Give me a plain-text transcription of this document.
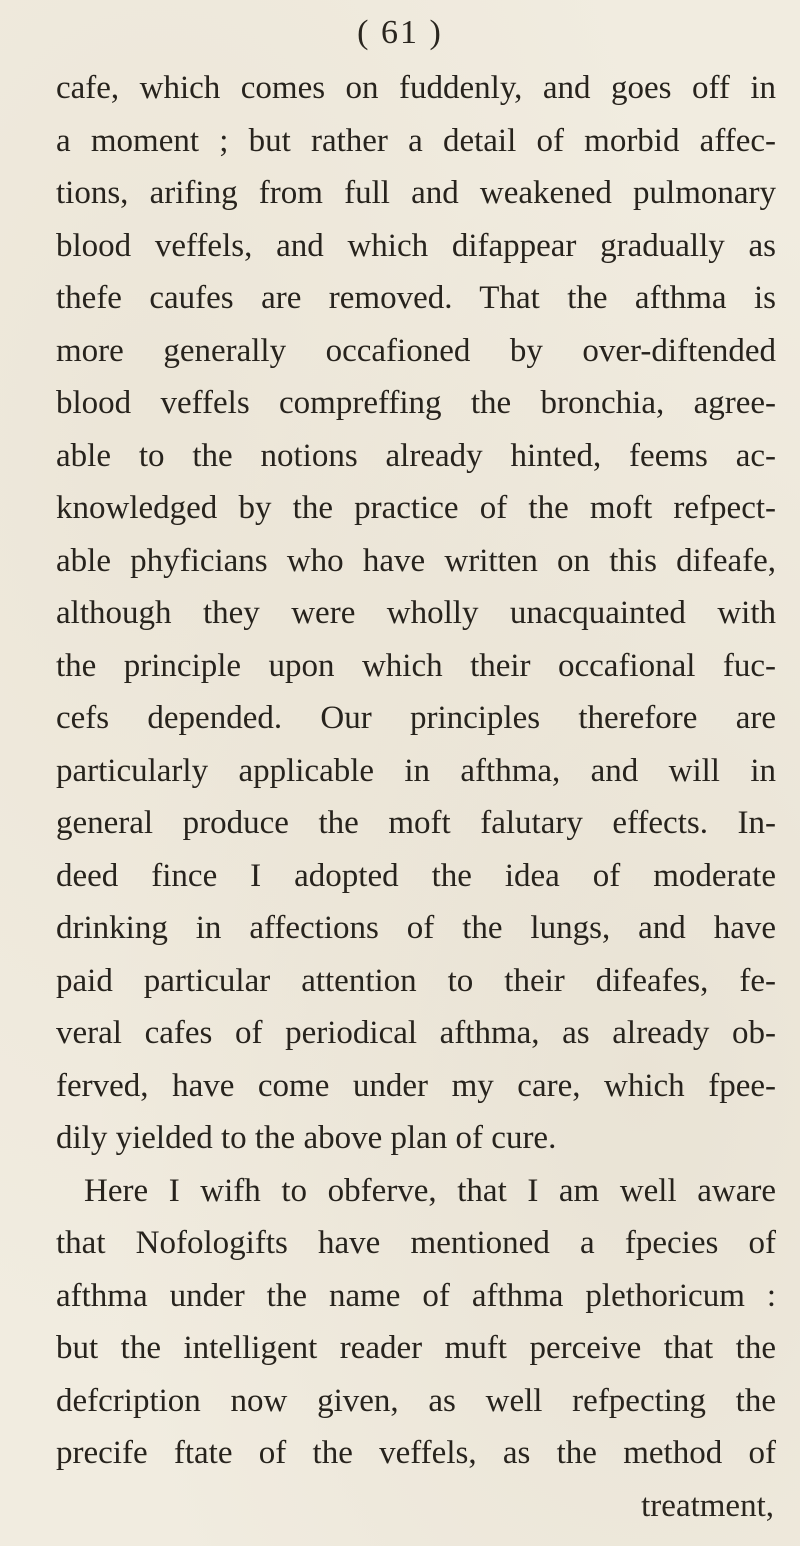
( 61 )
cafe, which comes on fuddenly, and goes off in
a moment ; but rather a detail of morbid affec-
tions, arifing from full and weakened pulmonary
blood veffels, and which difappear gradually as
thefe caufes are removed. That the afthma is
more generally occafioned by over-diftended
blood veffels compreffing the bronchia, agree-
able to the notions already hinted, feems ac-
knowledged by the practice of the moft refpect-
able phyficians who have written on this difeafe,
although they were wholly unacquainted with
the principle upon which their occafional fuc-
cefs depended. Our principles therefore are
particularly applicable in afthma, and will in
general produce the moft falutary effects. In-
deed fince I adopted the idea of moderate
drinking in affections of the lungs, and have
paid particular attention to their difeafes, fe-
veral cafes of periodical afthma, as already ob-
ferved, have come under my care, which fpee-
dily yielded to the above plan of cure.
Here I wifh to obferve, that I am well aware
that Nofologifts have mentioned a fpecies of
afthma under the name of afthma plethoricum :
but the intelligent reader muft perceive that the
defcription now given, as well refpecting the
precife ftate of the veffels, as the method of
treatment,
